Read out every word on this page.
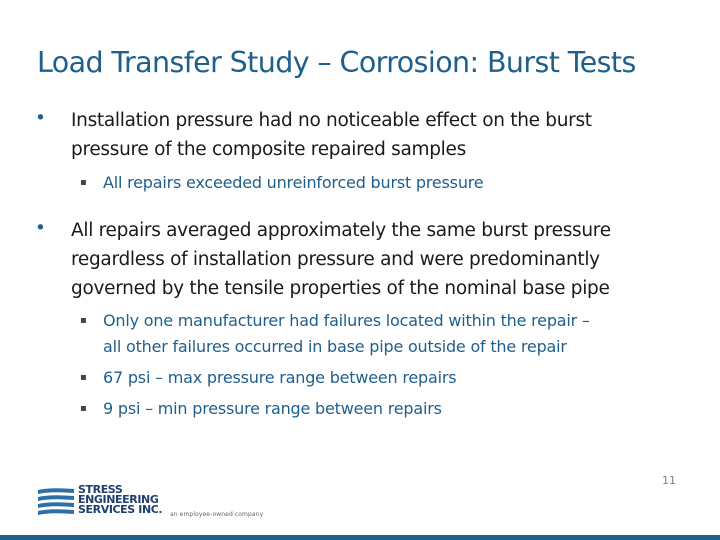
Load Transfer Study – Corrosion: Burst Tests
• Installation pressure had no noticeable effect on the burst
pressure of the composite repaired samples
▪ All repairs exceeded unreinforced burst pressure
• All repairs averaged approximately the same burst pressure
regardless of installation pressure and were predominantly
governed by the tensile properties of the nominal base pipe
▪ Only one manufacturer had failures located within the repair –
all other failures occurred in base pipe outside of the repair
▪ 67 psi – max pressure range between repairs
▪ 9 psi – min pressure range between repairs
STRESS
ENGINEERING
SERVICES INC. an employee-owned company
11
